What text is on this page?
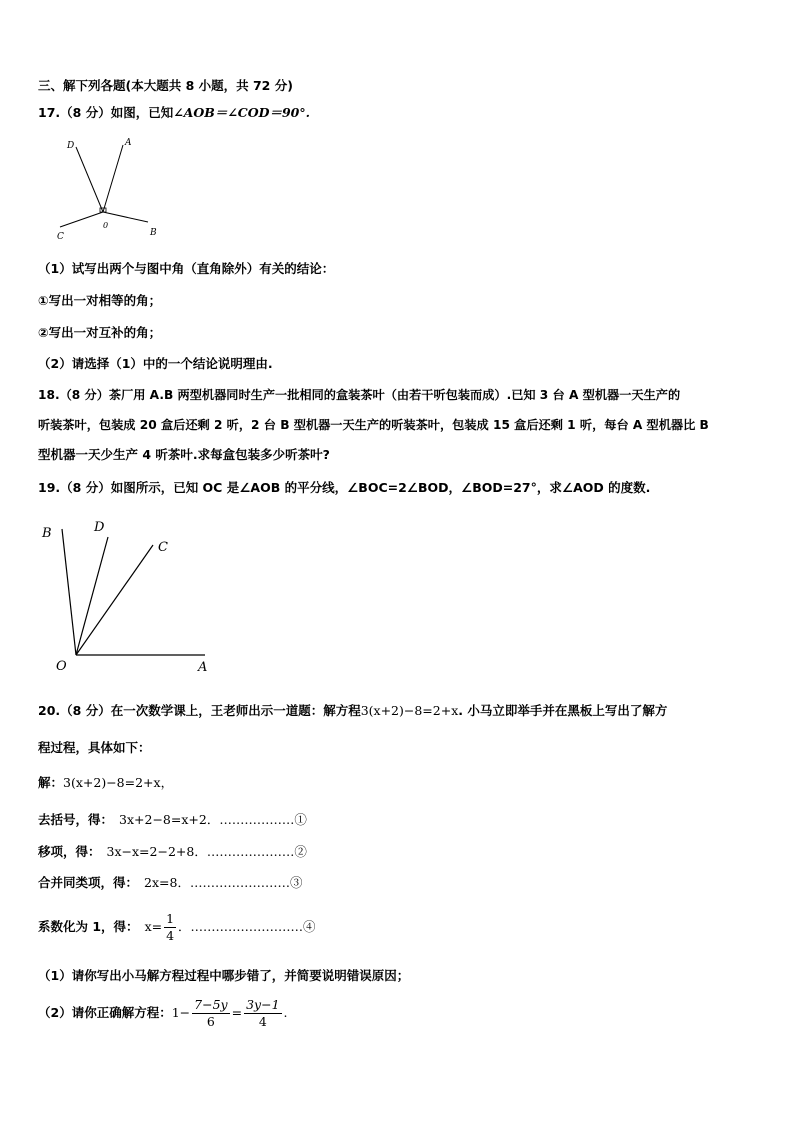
三、解下列各题(本大题共 8 小题，共 72 分)
17.（8 分）如图，已知∠AOB＝∠COD＝90°.
D	A
0
C	B
（1）试写出两个与图中角（直角除外）有关的结论：
①写出一对相等的角；
②写出一对互补的角；
（2）请选择（1）中的一个结论说明理由.
18.（8 分）茶厂用 A.B 两型机器同时生产一批相同的盒装茶叶（由若干听包装而成）.已知 3 台 A 型机器一天生产的
听装茶叶，包装成 20 盒后还剩 2 听，2 台 B 型机器一天生产的听装茶叶，包装成 15 盒后还剩 1 听，每台 A 型机器比 B
型机器一天少生产 4 听茶叶.求每盒包装多少听茶叶?
19.（8 分）如图所示，已知 OC 是∠AOB 的平分线，∠BOC=2∠BOD，∠BOD=27°，求∠AOD 的度数.
B	D
C
O	A
20.（8 分）在一次数学课上，王老师出示一道题：解方程3(x+2)−8=2+x. 小马立即举手并在黑板上写出了解方
程过程，具体如下：
解：3(x+2)−8=2+x，
去括号，得： 3x+2−8=x+2．………………①
移项，得： 3x−x=2−2+8．…………………②
合并同类项，得： 2x=8．……………………③
系数化为 1，得： $x= \frac{1}{4}$ ．………………………④
（1）请你写出小马解方程过程中哪步错了，并简要说明错误原因；
（2）请你正确解方程：$1- \frac{7-5y}{6} = \frac{3y-1}{4}$ .
